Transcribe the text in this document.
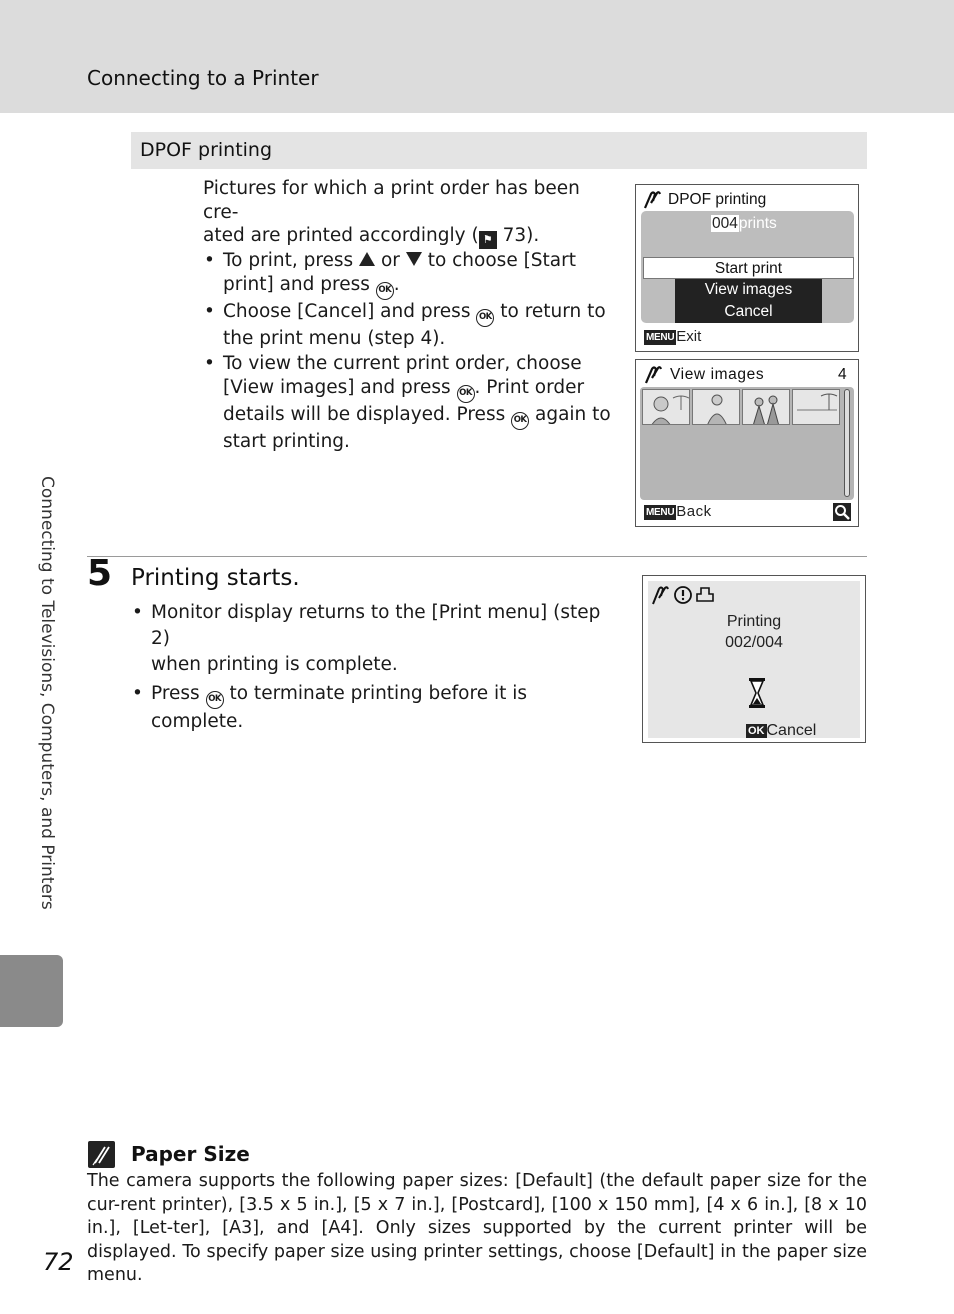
Connecting to a Printer
Connecting to Televisions, Computers, and Printers
DPOF printing
Pictures for which a print order has been cre-
ated are printed accordingly ( ⚑ 73).
• To print, press or to choose [Start
print] and press OK .
• Choose [Cancel] and press OK to return to
the print menu (step 4).
• To view the current print order, choose
[View images] and press OK . Print order
details will be displayed. Press OK again to
start printing.
DPOF printing
004prints
Start print
View images
Cancel
MENU Exit
View images	4
MENU Back
5 Printing starts.
• Monitor display returns to the [Print menu] (step 2)
when printing is complete.
• Press OK to terminate printing before it is complete.
Printing
002/004
OK Cancel
Paper Size
The camera supports the following paper sizes: [Default] (the default paper size for the cur-rent printer), [3.5 x 5 in.], [5 x 7 in.], [Postcard], [100 x 150 mm], [4 x 6 in.], [8 x 10 in.], [Let-ter], [A3], and [A4]. Only sizes supported by the current printer will be displayed. To specify paper size using printer settings, choose [Default] in the paper size menu.
72
